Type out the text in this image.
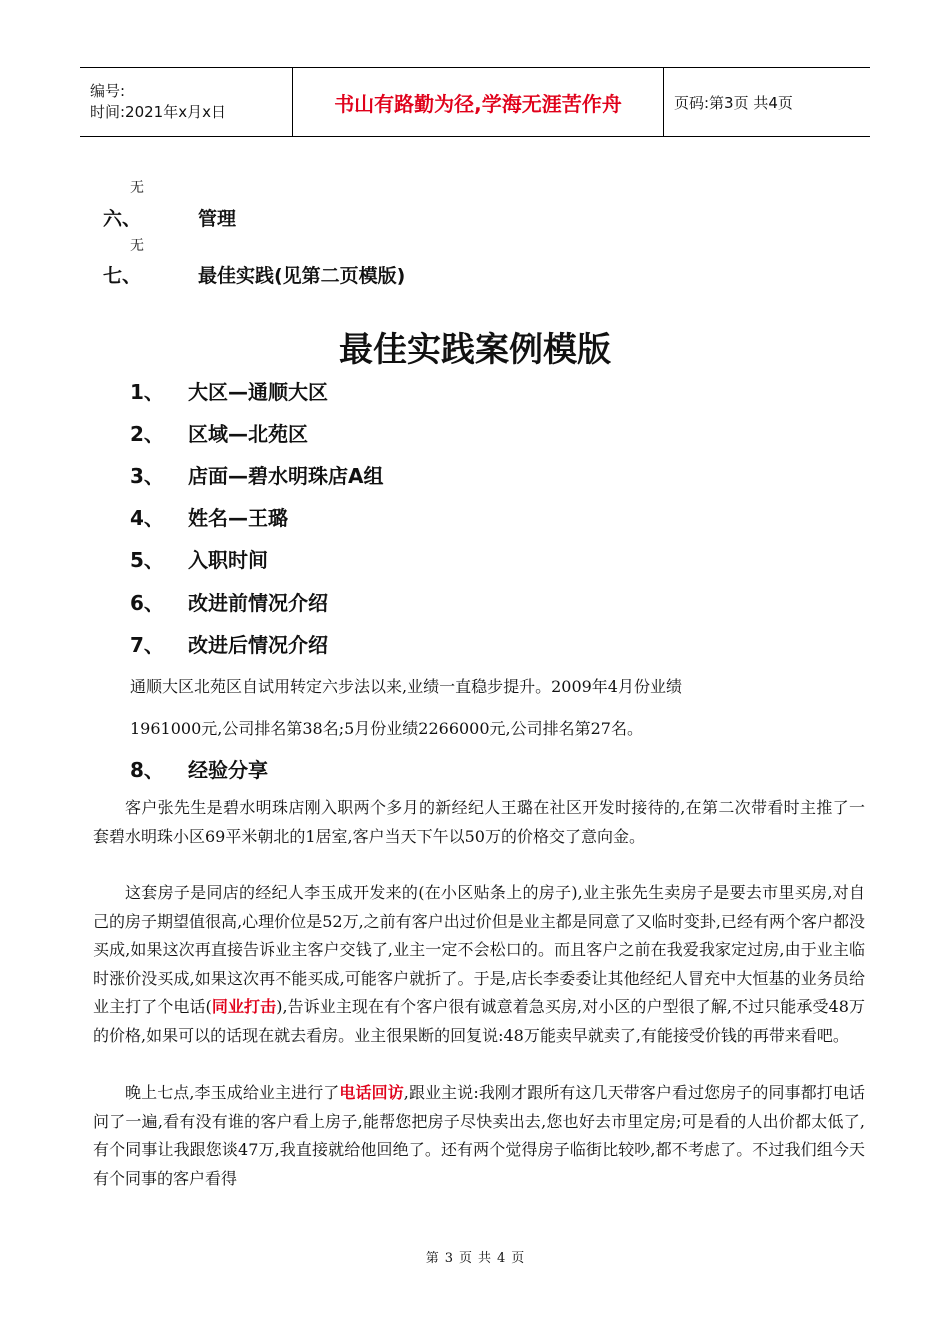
编号:
时间:2021年x月x日	书山有路勤为径,学海无涯苦作舟	页码:第3页 共4页
无
六、	管理
无
七、	最佳实践(见第二页模版)
最佳实践案例模版
1、 大区—通顺大区
2、 区域—北苑区
3、 店面—碧水明珠店A组
4、 姓名—王璐
5、 入职时间
6、 改进前情况介绍
7、 改进后情况介绍
通顺大区北苑区自试用转定六步法以来,业绩一直稳步提升。2009年4月份业绩
1961000元,公司排名第38名;5月份业绩2266000元,公司排名第27名。
8、 经验分享
客户张先生是碧水明珠店刚入职两个多月的新经纪人王璐在社区开发时接待的,在第二次带看时主推了一套碧水明珠小区69平米朝北的1居室,客户当天下午以50万的价格交了意向金。
这套房子是同店的经纪人李玉成开发来的(在小区贴条上的房子),业主张先生卖房子是要去市里买房,对自己的房子期望值很高,心理价位是52万,之前有客户出过价但是业主都是同意了又临时变卦,已经有两个客户都没买成,如果这次再直接告诉业主客户交钱了,业主一定不会松口的。而且客户之前在我爱我家定过房,由于业主临时涨价没买成,如果这次再不能买成,可能客户就折了。于是,店长李委委让其他经纪人冒充中大恒基的业务员给业主打了个电话(同业打击),告诉业主现在有个客户很有诚意着急买房,对小区的户型很了解,不过只能承受48万的价格,如果可以的话现在就去看房。业主很果断的回复说:48万能卖早就卖了,有能接受价钱的再带来看吧。
晚上七点,李玉成给业主进行了电话回访,跟业主说:我刚才跟所有这几天带客户看过您房子的同事都打电话问了一遍,看有没有谁的客户看上房子,能帮您把房子尽快卖出去,您也好去市里定房;可是看的人出价都太低了,有个同事让我跟您谈47万,我直接就给他回绝了。还有两个觉得房子临街比较吵,都不考虑了。不过我们组今天有个同事的客户看得
第 3 页 共 4 页
